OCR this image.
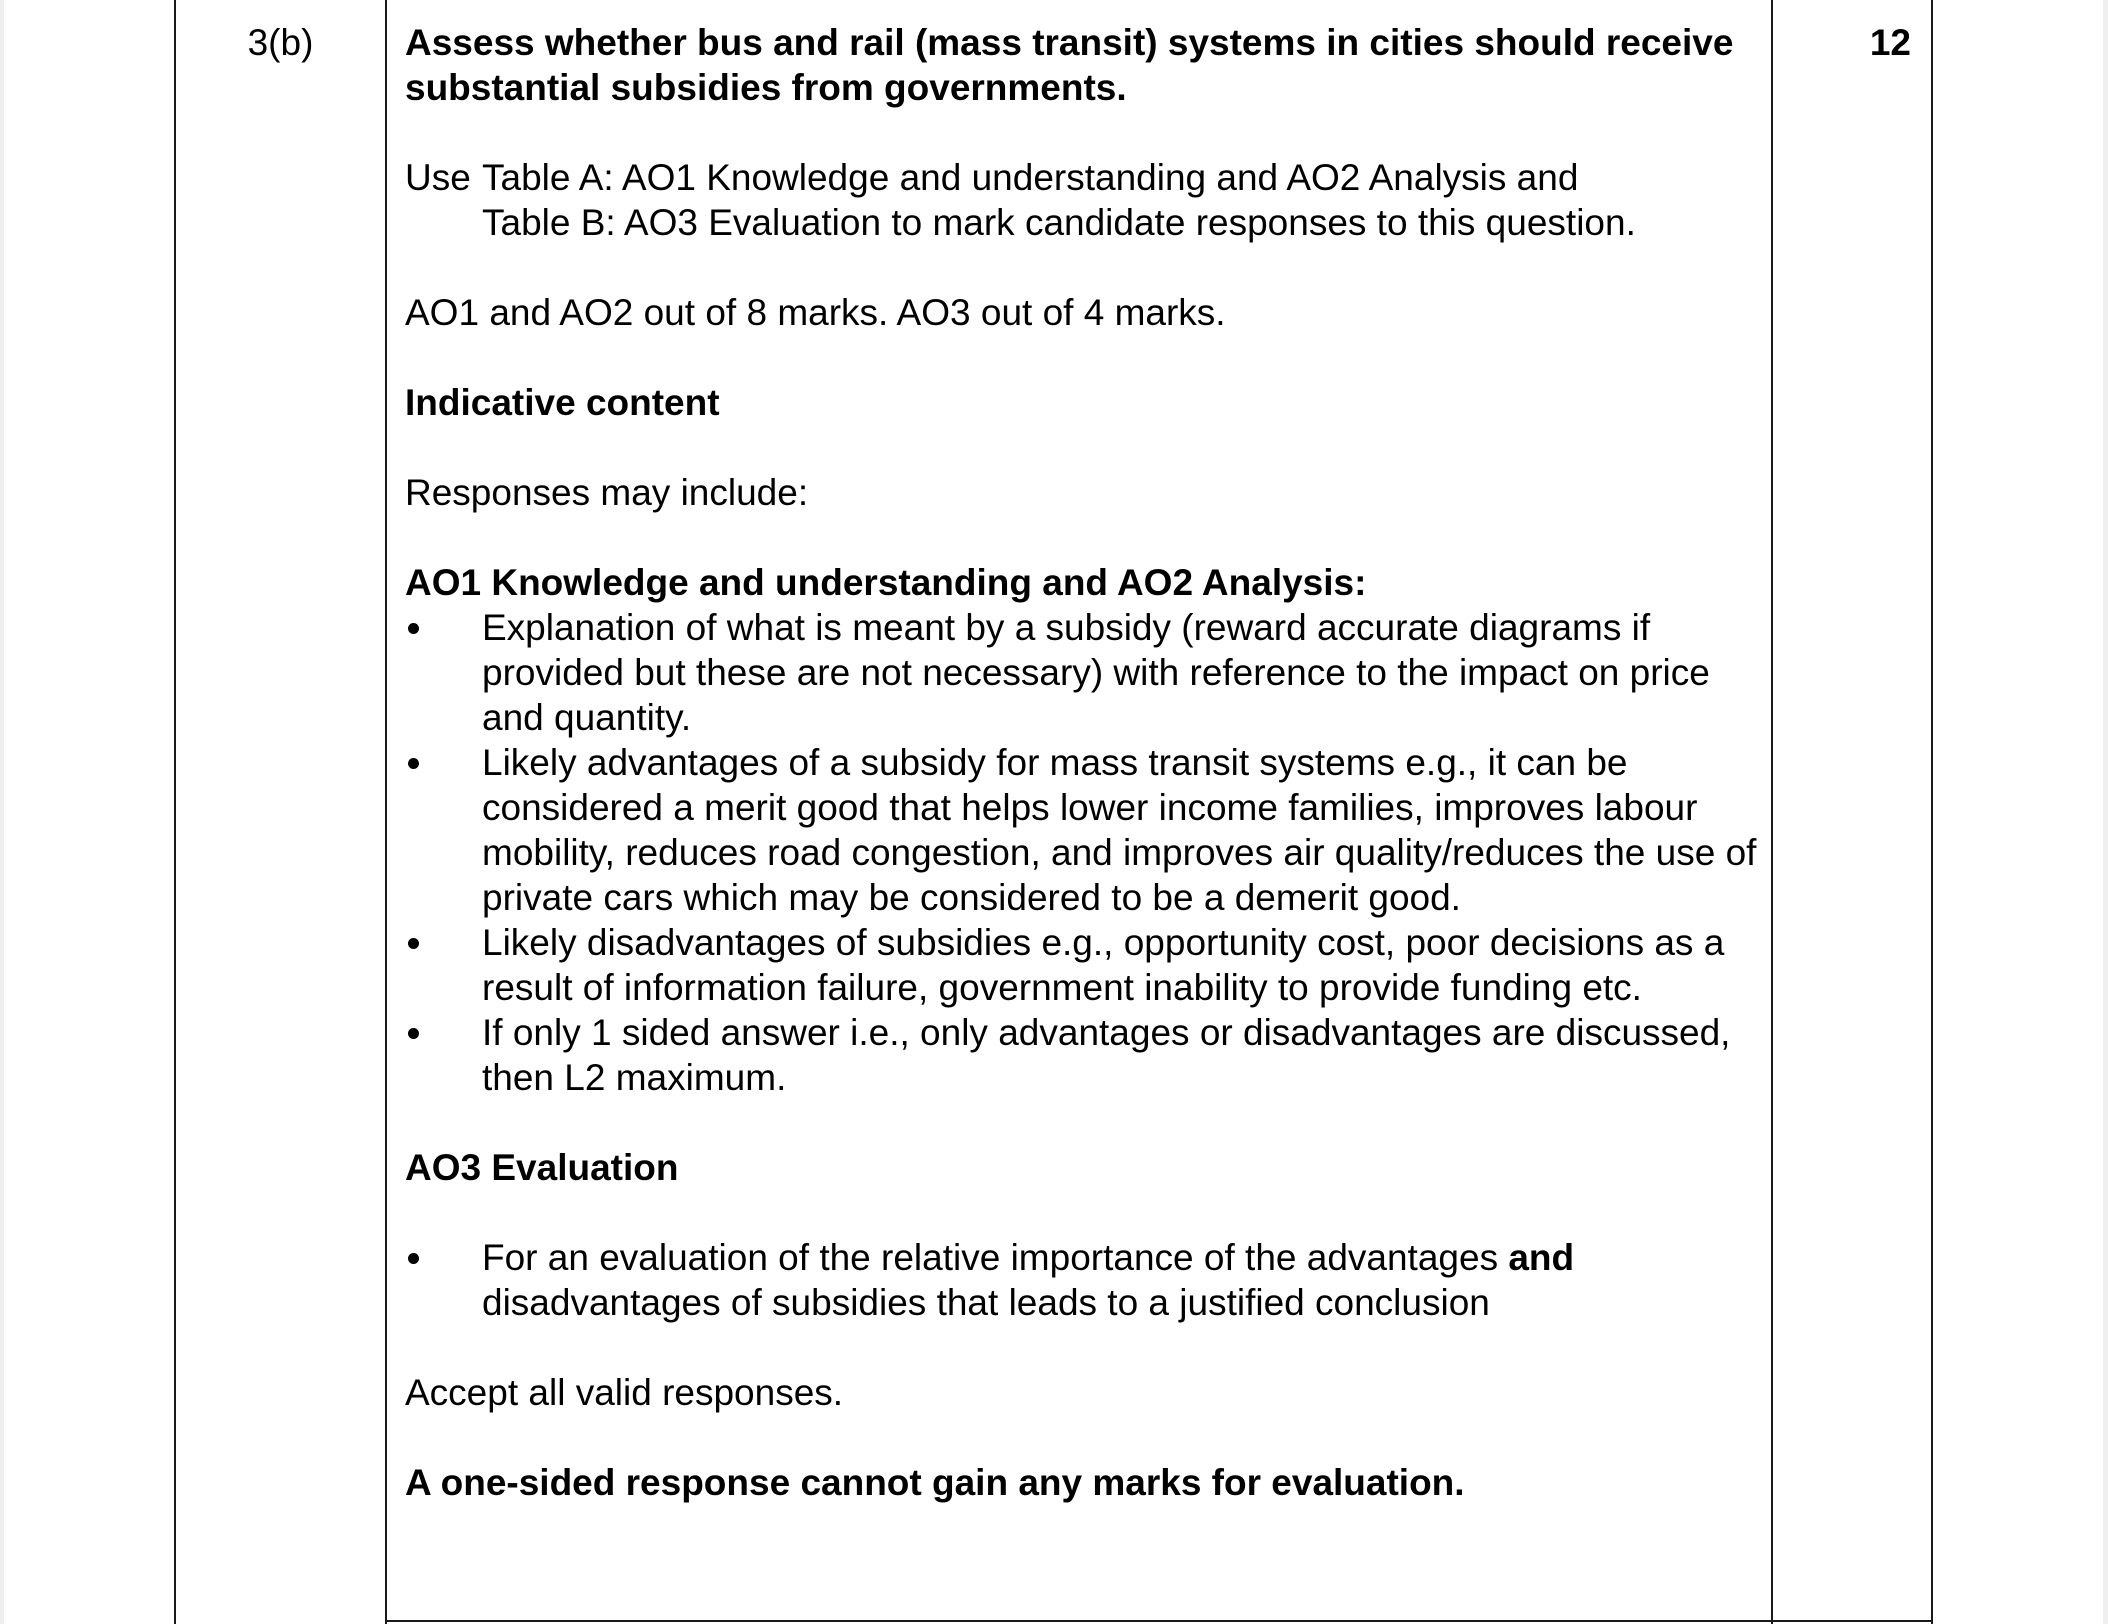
3(b)	12

Assess whether bus and rail (mass transit) systems in cities should receive substantial subsidies from governments.

Use Table A: AO1 Knowledge and understanding and AO2 Analysis and
Table B: AO3 Evaluation to mark candidate responses to this question.

AO1 and AO2 out of 8 marks. AO3 out of 4 marks.

Indicative content

Responses may include:

AO1 Knowledge and understanding and AO2 Analysis:

Explanation of what is meant by a subsidy (reward accurate diagrams if provided but these are not necessary) with reference to the impact on price and quantity.
Likely advantages of a subsidy for mass transit systems e.g., it can be considered a merit good that helps lower income families, improves labour mobility, reduces road congestion, and improves air quality/reduces the use of private cars which may be considered to be a demerit good.
Likely disadvantages of subsidies e.g., opportunity cost, poor decisions as a result of information failure, government inability to provide funding etc.
If only 1 sided answer i.e., only advantages or disadvantages are discussed, then L2 maximum.

AO3 Evaluation

For an evaluation of the relative importance of the advantages and disadvantages of subsidies that leads to a justified conclusion

Accept all valid responses.

A one-sided response cannot gain any marks for evaluation.
